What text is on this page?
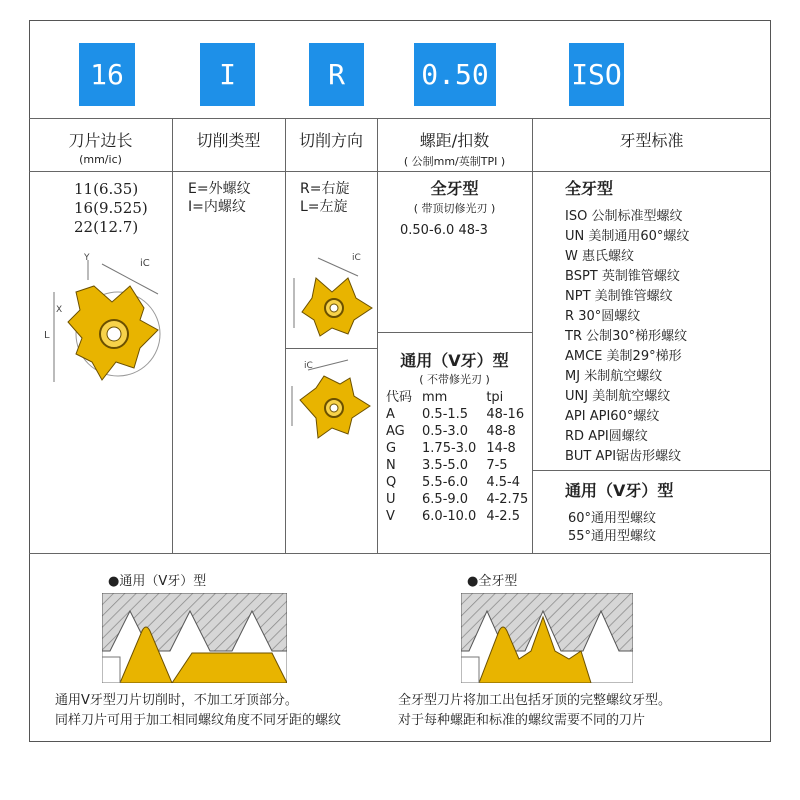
16	I	R	0.50	ISO
刀片边长
(mm/ic)
切削类型	切削方向	螺距/扣数
( 公制mm/英制TPI )
牙型标准
11(6.35)
16(9.525)
22(12.7)
iC
L
Y
X
E=外螺纹
I=内螺纹
R=右旋
L=左旋
iC
iC
全牙型
( 带顶切修光刃 )
0.50-6.0 48-3
通用（V牙）型
( 不带修光刃 )
代码	mm	tpi
A	0.5-1.5	48-16
AG	0.5-3.0	48-8
G	1.75-3.0	14-8
N	3.5-5.0	7-5
Q	5.5-6.0	4.5-4
U	6.5-9.0	4-2.75
V	6.0-10.0	4-2.5
全牙型
ISO 公制标准型螺纹
UN 美制通用60°螺纹
W 惠氏螺纹
BSPT 英制锥管螺纹
NPT 美制锥管螺纹
R 30°圆螺纹
TR 公制30°梯形螺纹
AMCE 美制29°梯形
MJ 米制航空螺纹
UNJ 美制航空螺纹
API API60°螺纹
RD API圆螺纹
BUT API锯齿形螺纹
通用（V牙）型
60°通用型螺纹
55°通用型螺纹
●通用（V牙）型
通用V牙型刀片切削时，不加工牙顶部分。
同样刀片可用于加工相同螺纹角度不同牙距的螺纹
●全牙型
全牙型刀片将加工出包括牙顶的完整螺纹牙型。
对于每种螺距和标准的螺纹需要不同的刀片
